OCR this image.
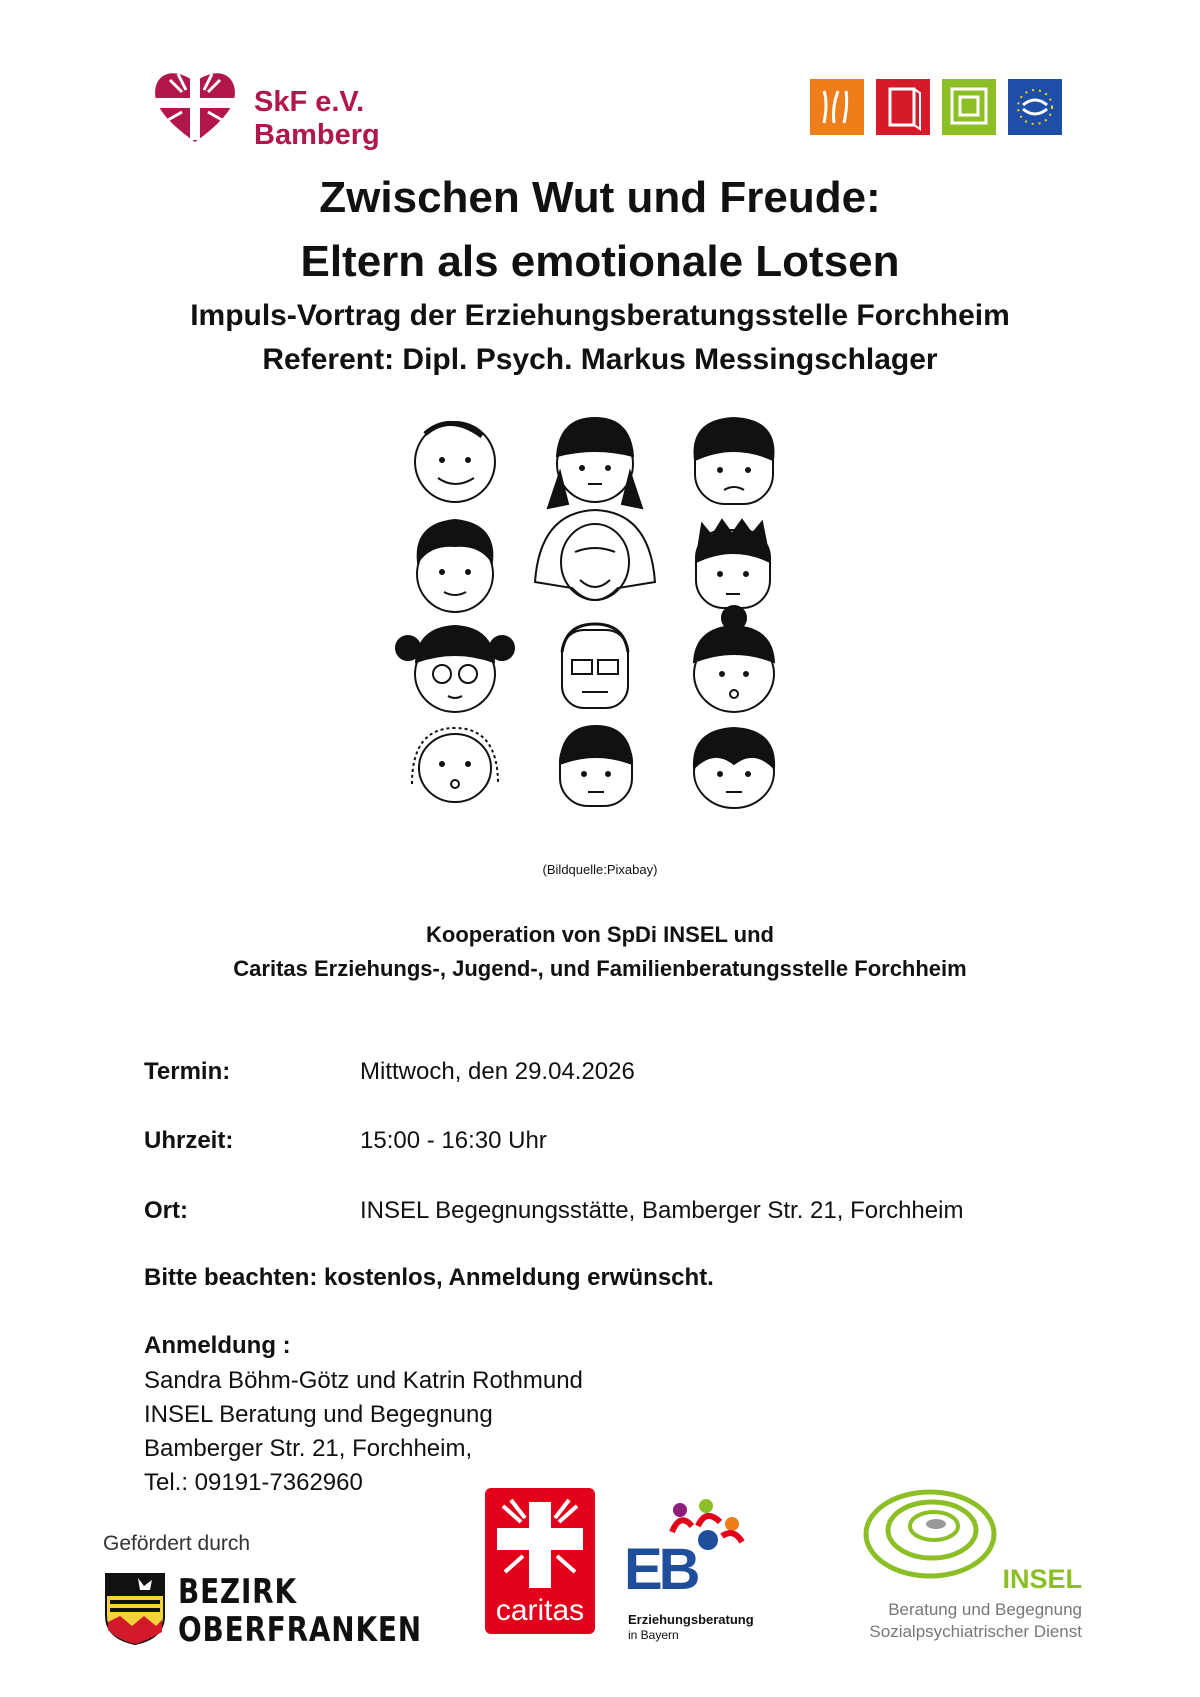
SkF e.V. Bamberg
Zwischen Wut und Freude:
Eltern als emotionale Lotsen
Impuls-Vortrag der Erziehungsberatungsstelle Forchheim
Referent: Dipl. Psych. Markus Messingschlager
(Bildquelle:Pixabay)
Kooperation von SpDi INSEL und
Caritas Erziehungs-, Jugend-, und Familienberatungsstelle Forchheim
Termin:	Mittwoch, den 29.04.2026
Uhrzeit:	15:00 - 16:30 Uhr
Ort:	INSEL Begegnungsstätte, Bamberger Str. 21, Forchheim
Bitte beachten: kostenlos, Anmeldung erwünscht.
Anmeldung :
Sandra Böhm-Götz und Katrin Rothmund
INSEL Beratung und Begegnung
Bamberger Str. 21, Forchheim,
Tel.: 09191-7362960
Gefördert durch
BEZIRK
OBERFRANKEN	caritas
EB
Erziehungsberatung
in Bayern
INSEL
Beratung und Begegnung
Sozialpsychiatrischer Dienst
